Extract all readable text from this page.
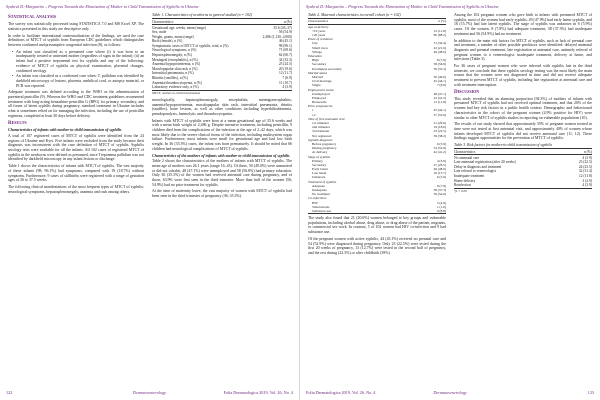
Syahrul D.-Margaritio – Progress Towards the Elimination of Mother to Child Transmission of Syphilis in Ukraine
Statistical analysis

The survey was statistically processed using STATISTICA 7.0 and MS Excel XP. The statistics presented in this study are descriptive only.

In order to facilitate international contextualization of the findings, we used the case definitions of MTCT of syphilis from European CDC guidelines which distinguishes between confirmed and presumptive congenital infection (8), as follows:

• An infant was classified as a presumed case where (i) it was born to an inadequately treated or untreated mother (regardless of signs in the infant); (ii) an infant had a positive treponemal test for syphilis and any of the following: evidence of MTCT of syphilis on physical examination, placental changes, confirmed serology.
• An infant was classified as a confirmed case when: T. pallidum was identified by darkfield microscopy of lesions, placenta, umbilical cord, or autopsy material, or PCR was reported.

Adequate treatment was defined according to the WHO as the administration of parenteral penicillin (9). Whereas the WHO and CDC treatment guidelines recommend treatment with long-acting benzathine penicillin G (BPG) for primary, secondary, and all forms of latent syphilis during pregnancy, standard treatment in Ukraine includes what is sometimes relied on for managing the infection, including the use of penicillin regimens, completed at least 30 days before delivery.

Results
Characteristics of infants with mother-to-child transmission of syphilis

A total of 107 registered cases of MTCT of syphilis were identified from the 24 regions of Ukraine and Kyiv. Five infants were excluded from the study because their diagnosis was inconsistent with the case definition of MTCT of syphilis. Syphilis serology tests were available for all the infants. All 102 cases of registered MTCT of syphilis in the newborns were defined as presumed, since Treponema pallidum was not identified by darkfield microscopy in any infant lesions or discharge.

Table 1 shows the characteristics of infants with MTCT of syphilis. The vast majority of these infants (98; 96.1%) had symptoms, compared with 19 (18.7%) without symptoms. Furthermore, 9 cases of stillbirths were registered with a range of gestation ages of 26 to 37.5 weeks.

The following clinical manifestations of the most frequent types of MTCT of syphilis: neurological symptoms, hepatosplenomegaly, anaemia and rash among others.

Table 1. Characteristics of newborns in general studied (n = 102)
Characteristics	n (%)
Gestational age, weeks, mean (range)	35.6 (26–37)
Sex, male	56 (54.9)
Weight, grams, mean (range)	2,486 (1,130–4,900)
Birth (female), n (%)	46 (45.1)
Symptomatic cases of MTCT of syphilis, total, n (%)	98 (96.1)
Neurological symptoms, n (%)	71 (69.6)
Hepatosplenomegaly, n (%)	62 (60.7)
Meningeal (encephalitis), n (%)	34 (33.3)
Anaemia/hypoproteinemia, n (%)	25 (24.5)
Maculopapular skin rash, n (%)	20 (19.6)
Interstitial pneumonia, n (%)	12 (11.7)
Rhinitis (snuffles), n (%)	7 (6.9)
Anaemia/thrombocytopenia, n (%)	11 (10.7)
Laboratory evidence only, n (%)	4 (3.9)
MTCT, mother-to-child transmission	

neurologically, hepatosplenomegaly, encephalitis, meningoencephalitis, anaemia/hypoproteinemia, maculopapular skin rash, interstitial pneumonia, rhinitis (snuffles), bone lesions, as well as other conditions including hyperbilirubinemia, pseudoparalysis, haemolytic and thrombocytopenia.

Infants with MTCT of syphilis were born at a mean gestational age of 35.6 weeks and with a mean birth weight of 2,486 g. Despite intensive treatment, including penicillin, 9 children died from the complications of the infection at the age of 2–42 days, which was most likely due to the severe clinical forms of the infection, including multisystem organ failure. Furthermore, most infants were small for gestational age and had low birth weight. In 36 (35.3%) cases, the infant was born prematurely. It should be noted that 66 children had neurological complications of MTCT of syphilis.

Characteristics of the mothers of infants with mother-to-child transmission of syphilis

Table 2 shows the characteristics of the mothers of infants with MTCT of syphilis. The mean age of mothers was 26.1 years (range 16–43). Of these, 50 (49.0%) were unmarried or did not cohabit, 48 (47.1%) were unemployed and 58 (56.8%) had primary education. Only 36 (35.3%) of the women had received antenatal care during pregnancy, and of those, 63.9% were first seen in the third trimester. More than half of the women (56; 54.9%) had no prior treatment for syphilis.

At the time of maternity leave, the vast majority of women with MTCT of syphilis had been seen in the third trimester of pregnancy (36; 35.3%).

122	Dermatovenerology	Folia Dermatologica 2019, Vol. 26, No. 4
Syahrul D.-Margaritio – Progress Towards the Elimination of Mother to Child Transmission of Syphilis in Ukraine
Table 2. Maternal characteristics in overall cohort (n = 102)
Characteristics	n (%)
Age at delivery	
<19 years	12 (11.8)
≥20 years	90 (88.2)
Place of residence	
City	31 (30.4)
Small town	22 (21.6)
Village	49 (48.0)
Education	
High	8 (7.9)
Secondary	58 (56.9)
Incomplete secondary	36 (35.3)
Marital status	
Married	50 (49.0)
Civil marriage	45 (44.1)
Single	7 (6.9)
Employment status	
Unemployed	48 (47.1)
Employed	42 (41.2)
Housewife	12 (11.8)
Prior pregnancies	
1	45 (44.1)
≥2	57 (55.9)
Time of first antenatal visit	
1st trimester	21 (20.6)
2nd trimester	19 (18.6)
3rd trimester	23 (22.5)
Not registered	39 (38.2)
Syphilis diagnosis	
Before pregnancy	6 (5.9)
During pregnancy	54 (52.9)
At delivery	42 (41.2)
Stage of syphilis	
Primary	4 (3.9)
Secondary	27 (26.5)
Early latent	49 (48.0)
Late latent	16 (15.7)
Unknown	6 (5.9)
Treatment of syphilis	
Adequate	8 (7.8)
Inadequate	38 (37.3)
No treatment	56 (54.9)
Co-infections	
HIV	5 (4.9)
Tuberculosis	1 (1.0)
Substance use	9 (8.8)

The study also found that 21 (20.6%) women belonged to key groups and vulnerable populations, including alcohol abuse, drug abuse, or drug abuse of the partner, migrants, or commercial sex work. In contrast, 5 of 102 women had HIV co-infection and 9 had substance use.

Of the pregnant women with active syphilis, 44 (43.1%) received no prenatal care and 54 (52.9%) were diagnosed during pregnancy. Only 23 (22.5%) were tested during the first 20 weeks of pregnancy, 13 (12.7%) were tested in the second half of pregnancy, and the rest during (22.5%) or after childbirth (39%).

Among the 102 pregnant women who gave birth to infants with presumed MTCT of syphilis, most of the women had early syphilis, 49 (47.9%) had early latent syphilis, and 16 (15.7%) had late latent syphilis. The stage of syphilis was unknown in 6 (5.9%) cases. Of the women, 8 (7.8%) had adequate treatment, 38 (37.3%) had inadequate treatment and 56 (54.9%) had no treatment.

In addition to the main risk factors for MTCT of syphilis, such as lack of prenatal care and treatment, a number of other possible predictors were identified: delayed antenatal diagnosis and prenatal treatment, late registration at antenatal care, untimely referral of pregnant women to a venereologist, inadequate treatment, delivery at home, and infections (Table 3).

For 36 cases of pregnant women who were infected with syphilis late in the third trimester, we conclude that these syphilis serology testing was the most likely the main reason that the women were not diagnosed in time and did not receive adequate treatment to prevent MTCT of syphilis, including late registration at antenatal care and with treatment interruption.

Discussion

This study revealed that an alarming proportion (94.3%) of mothers of infants with presumed MTCT of syphilis had not received optimal treatment, and that 20% of the women had key risk factors in a public health context. Demographic and behavioural characteristics in the cohort of the pregnant women (4.9% positive for HIV) were similar to other MTCT of syphilis studies in reporting on vulnerable populations (10).

The results of our study showed that approximately 35% of pregnant women treated in time were not tested at first antenatal visit, and approximately 40% of women whose infants developed MTCT of syphilis did not receive antenatal care (11, 12). These findings suggest opportunities for the prevention of MTCT of syphilis.

Table 3. Risk factors for mother-to-child transmission of syphilis
Characteristics	n (%)
No antenatal care	4 (3.9)
Late antenatal registration (after 20 weeks)	23 (22.5)
Delay in diagnosis and treatment	24 (23.5)
Late referral to venereologist	32 (31.4)
Inadequate treatment	12 (11.8)
Home delivery	3 (2.9)
Reinfection	4 (3.9)
*p < 0.05	
Folia Dermatologica 2019, Vol. 26, No. 4	Dermatovenerology	123
